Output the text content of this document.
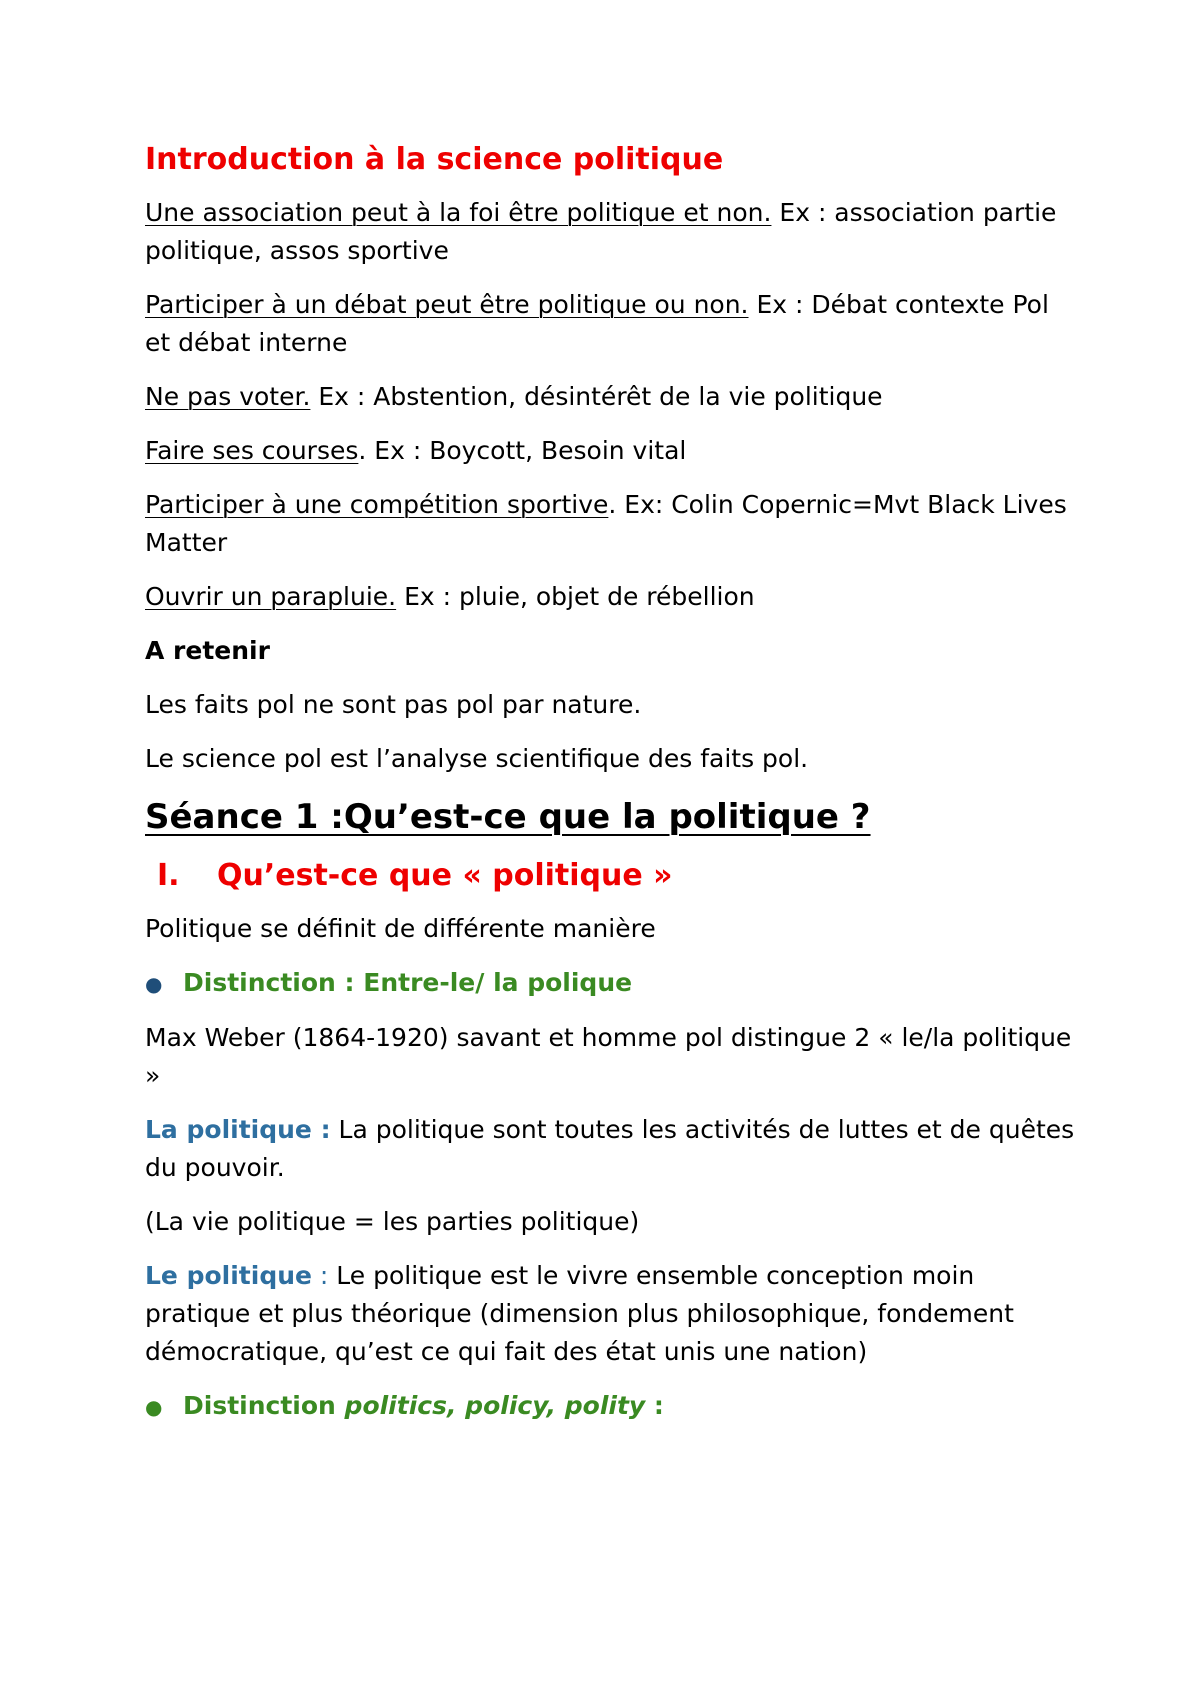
Introduction à la science politique

Une association peut à la foi être politique et non. Ex : association partie politique, assos sportive

Participer à un débat peut être politique ou non. Ex : Débat contexte Pol et débat interne

Ne pas voter. Ex : Abstention, désintérêt de la vie politique

Faire ses courses. Ex : Boycott, Besoin vital

Participer à une compétition sportive. Ex: Colin Copernic=Mvt Black Lives Matter

Ouvrir un parapluie. Ex : pluie, objet de rébellion

A retenir

Les faits pol ne sont pas pol par nature.

Le science pol est l’analyse scientifique des faits pol.

Séance 1 :Qu’est-ce que la politique ?
I.	Qu’est-ce que « politique »

Politique se définit de différente manière

● Distinction : Entre-le/ la polique

Max Weber (1864-1920) savant et homme pol distingue 2 « le/la politique »

La politique : La politique sont toutes les activités de luttes et de quêtes du pouvoir.

(La vie politique = les parties politique)

Le politique : Le politique est le vivre ensemble conception moin pratique et plus théorique (dimension plus philosophique, fondement démocratique, qu’est ce qui fait des état unis une nation)

● Distinction politics, policy, polity :
